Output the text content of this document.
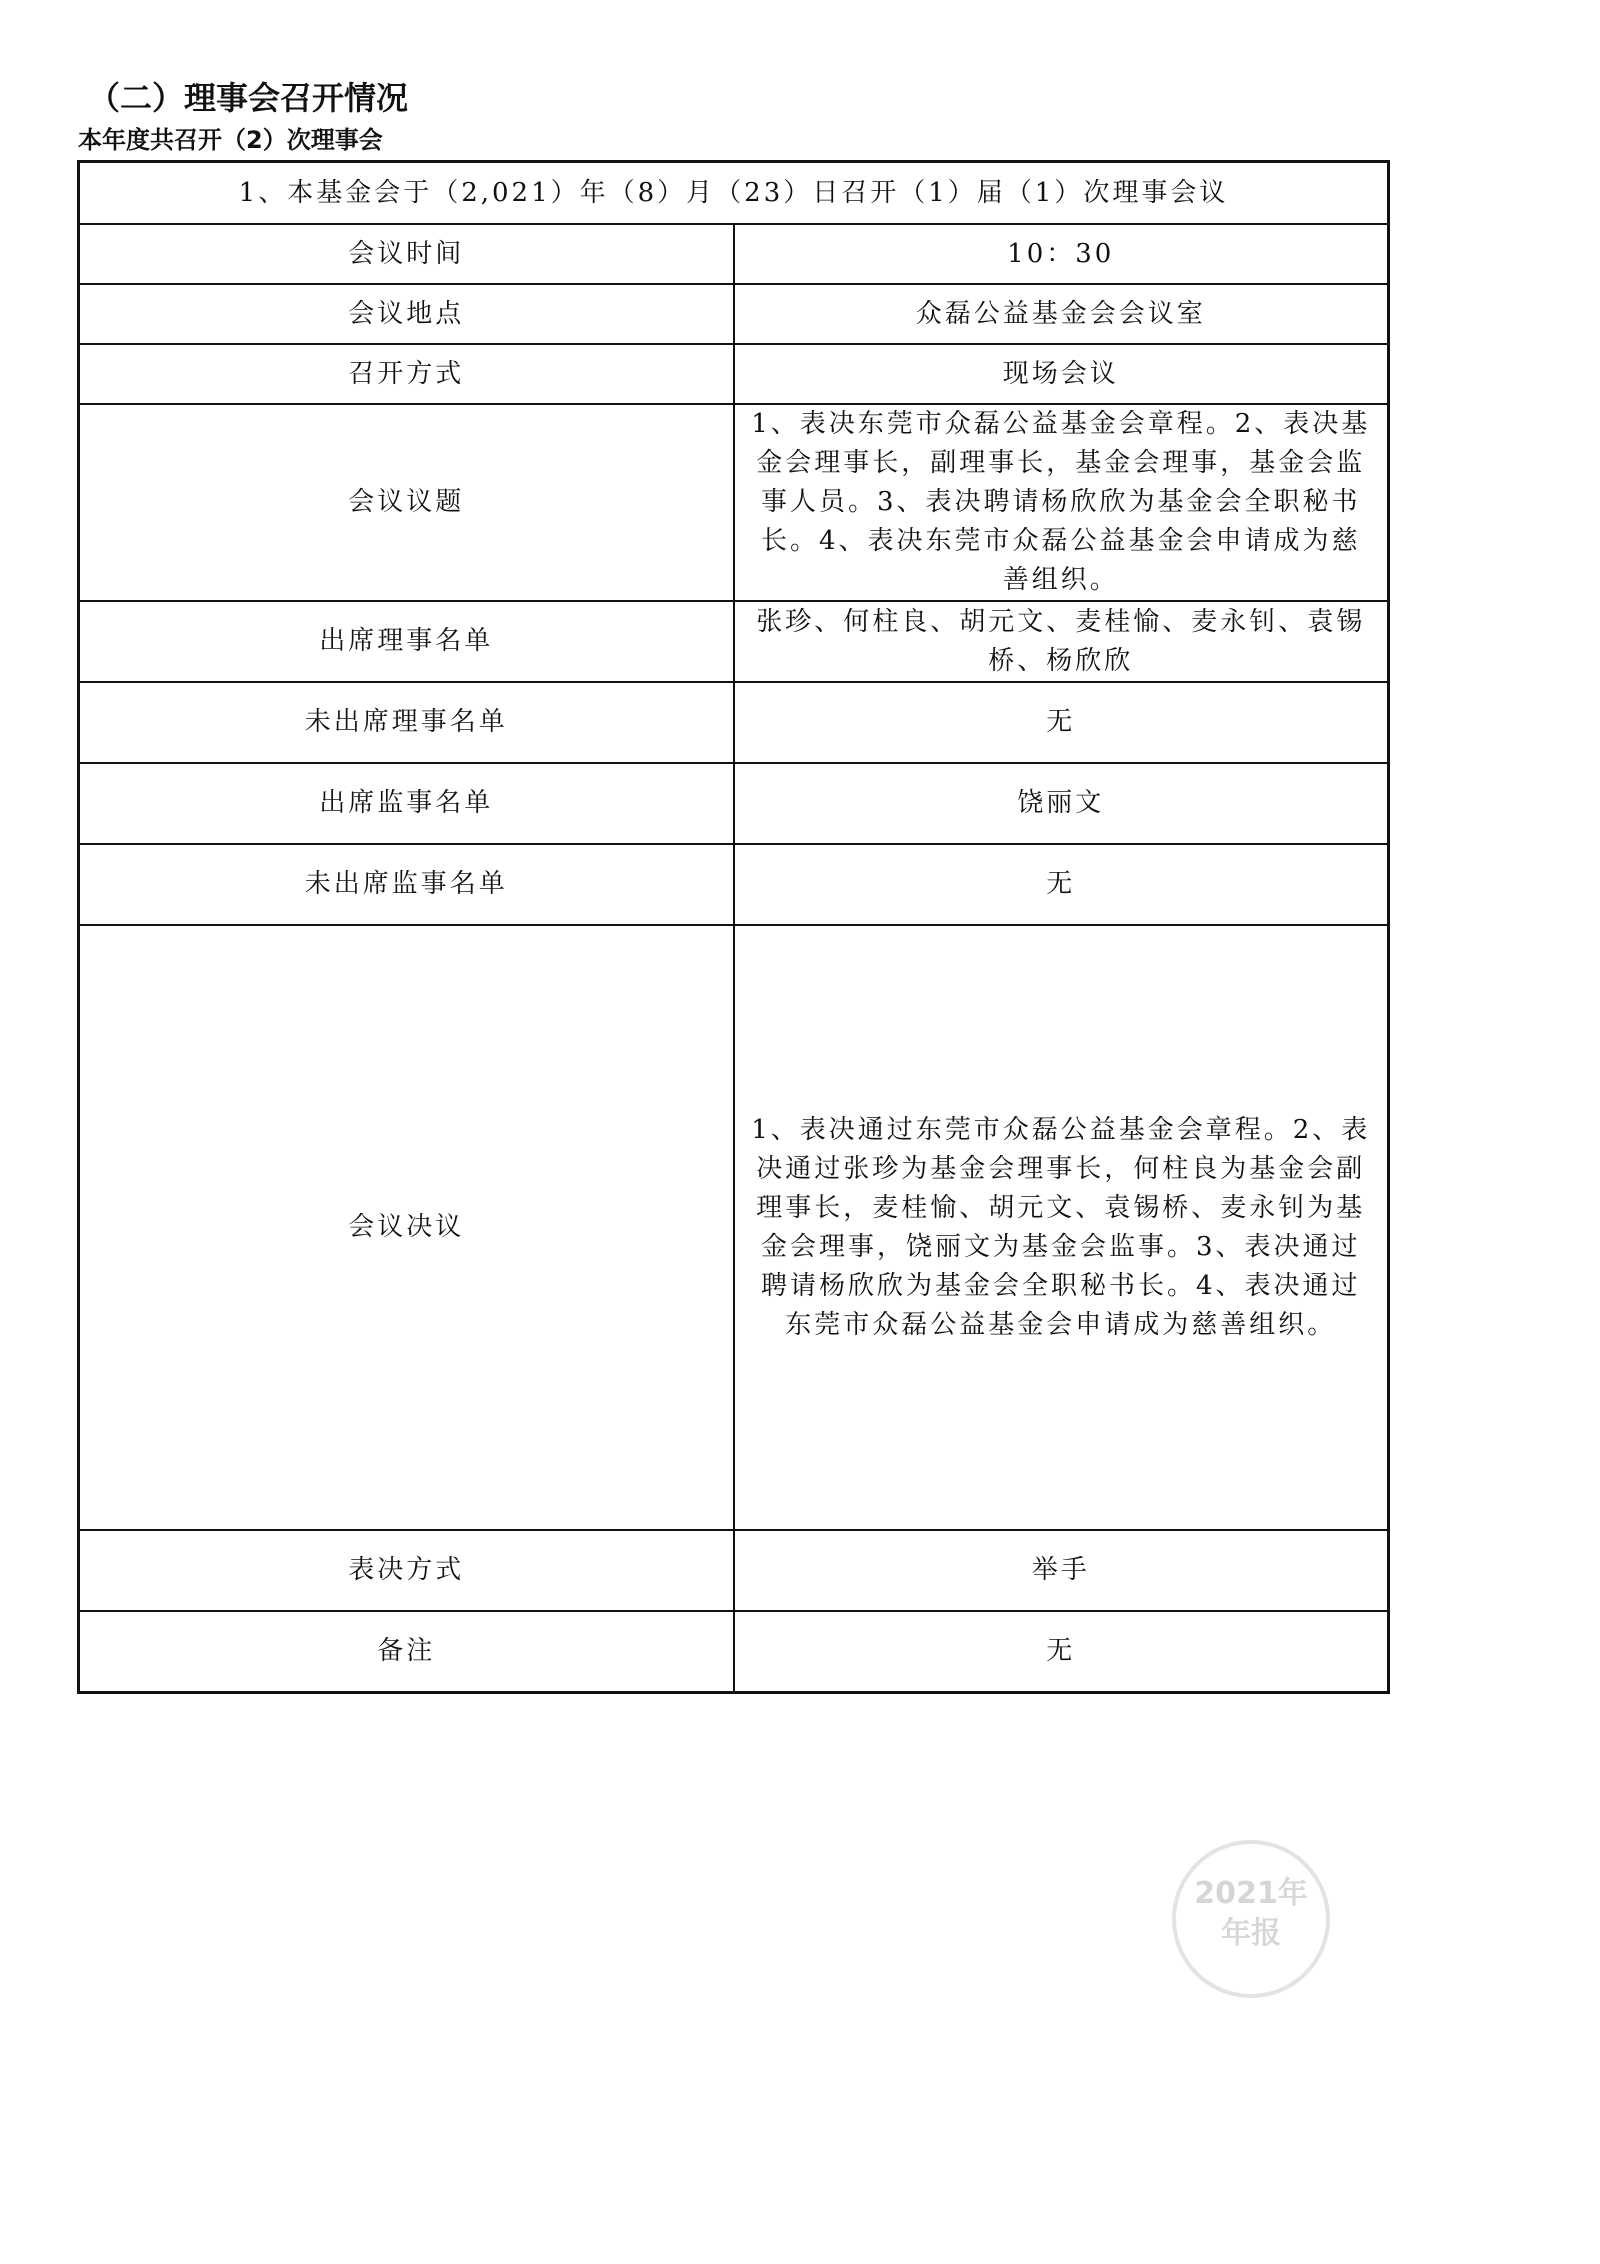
（二）理事会召开情况
本年度共召开（2）次理事会
1、本基金会于（2,021）年（8）月（23）日召开（1）届（1）次理事会议	
会议时间	10：30
会议地点	众磊公益基金会会议室
召开方式	现场会议
会议议题	1、表决东莞市众磊公益基金会章程。2、表决基金会理事长，副理事长，基金会理事，基金会监事人员。3、表决聘请杨欣欣为基金会全职秘书长。4、表决东莞市众磊公益基金会申请成为慈善组织。
出席理事名单	张珍、何柱良、胡元文、麦桂愉、麦永钊、袁锡桥、杨欣欣
未出席理事名单	无
出席监事名单	饶丽文
未出席监事名单	无
会议决议	1、表决通过东莞市众磊公益基金会章程。2、表决通过张珍为基金会理事长，何柱良为基金会副理事长，麦桂愉、胡元文、袁锡桥、麦永钊为基金会理事，饶丽文为基金会监事。3、表决通过聘请杨欣欣为基金会全职秘书长。4、表决通过东莞市众磊公益基金会申请成为慈善组织。
表决方式	举手
备注	无
2021年
年报
